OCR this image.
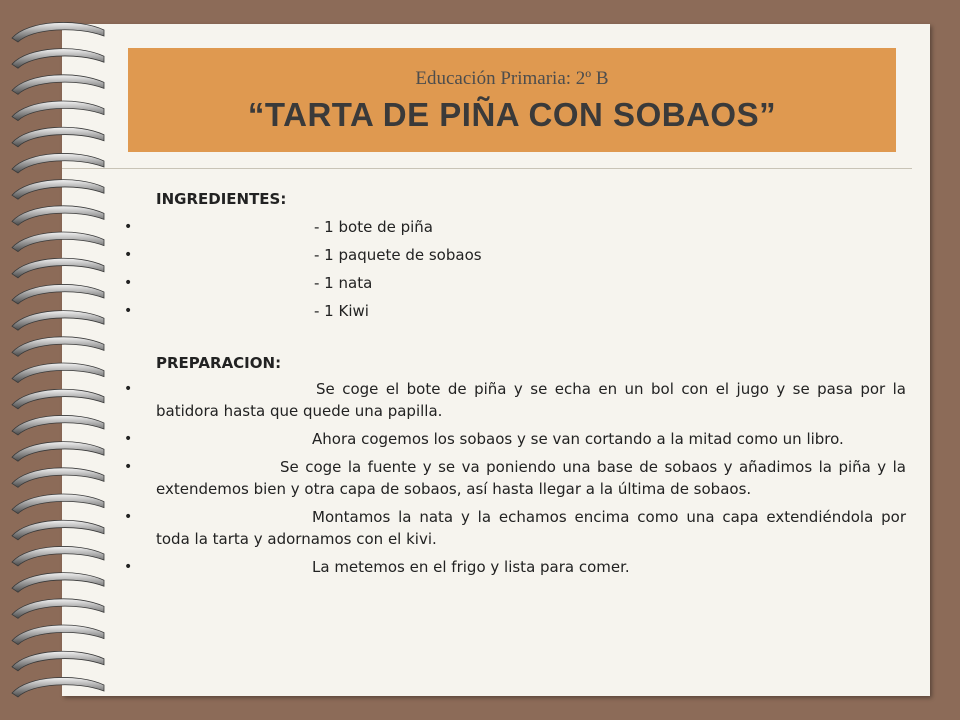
Educación Primaria: 2º B
“TARTA DE PIÑA CON SOBAOS”
INGREDIENTES:
•	- 1 bote de piña
•	- 1 paquete de sobaos
•	- 1 nata
•	- 1 Kiwi
PREPARACION:
•	Se coge el bote de piña y se echa en un bol con el jugo y se pasa por la batidora hasta que quede una papilla.
•	Ahora cogemos los sobaos y se van cortando a la mitad como un libro.
•	Se coge la fuente y se va poniendo una base de sobaos y añadimos la piña y la extendemos bien y otra capa de sobaos, así hasta llegar a la última de sobaos.
•	Montamos la nata y la echamos encima como una capa extendiéndola por toda la tarta y adornamos con el kivi.
•	La metemos en el frigo y lista para comer.
